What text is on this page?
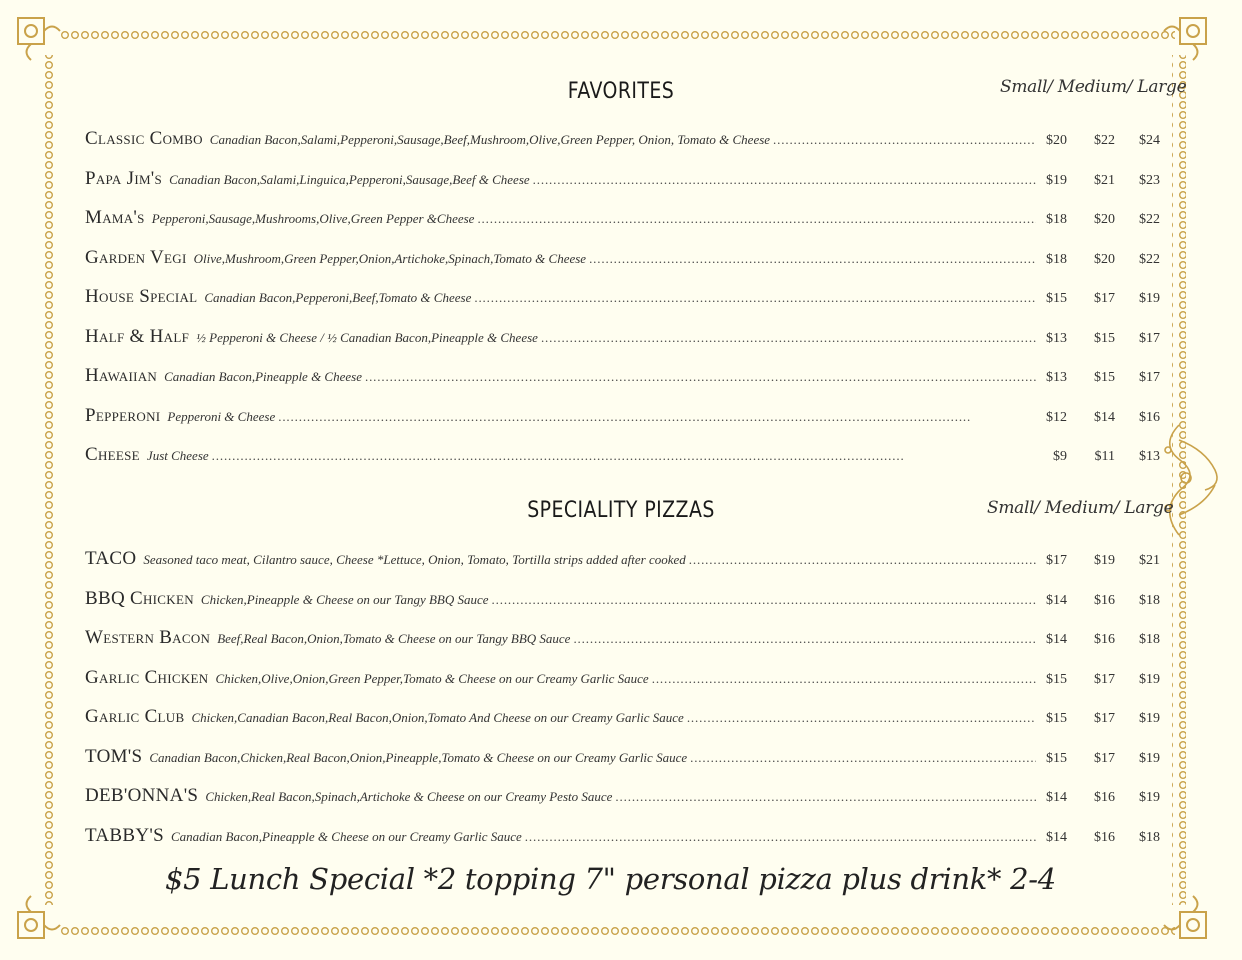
FAVORITES	Small/ Medium/ Large
Classic Combo Canadian Bacon,Salami,Pepperoni,Sausage,Beef,Mushroom,Olive,Green Pepper, Onion, Tomato & Cheese . . .	$20	$22	$24
Papa Jim's Canadian Bacon,Salami,Linguica,Pepperoni,Sausage,Beef & Cheese . . .	$19	$21	$23
Mama's Pepperoni,Sausage,Mushrooms,Olive,Green Pepper &Cheese . . .	$18	$20	$22
Garden Vegi Olive,Mushroom,Green Pepper,Onion,Artichoke,Spinach,Tomato & Cheese . . .	$18	$20	$22
House Special Canadian Bacon,Pepperoni,Beef,Tomato & Cheese . . .	$15	$17	$19
Half & Half ½ Pepperoni & Cheese / ½ Canadian Bacon,Pineapple & Cheese . . .	$13	$15	$17
Hawaiian Canadian Bacon,Pineapple & Cheese . . .	$13	$15	$17
Pepperoni Pepperoni & Cheese . . .	$12	$14	$16
Cheese Just Cheese . . .	$9	$11	$13
SPECIALITY PIZZAS	Small/ Medium/ Large
TACO Seasoned taco meat, Cilantro sauce, Cheese *Lettuce, Onion, Tomato, Tortilla strips added after cooked . . .	$17	$19	$21
BBQ Chicken Chicken,Pineapple & Cheese on our Tangy BBQ Sauce . . .	$14	$16	$18
Western Bacon Beef,Real Bacon,Onion,Tomato & Cheese on our Tangy BBQ Sauce . . .	$14	$16	$18
Garlic Chicken Chicken,Olive,Onion,Green Pepper,Tomato & Cheese on our Creamy Garlic Sauce . . .	$15	$17	$19
Garlic Club Chicken,Canadian Bacon,Real Bacon,Onion,Tomato And Cheese on our Creamy Garlic Sauce . . .	$15	$17	$19
TOM'S Canadian Bacon,Chicken,Real Bacon,Onion,Pineapple,Tomato & Cheese on our Creamy Garlic Sauce . . .	$15	$17	$19
DEB'ONNA'S Chicken,Real Bacon,Spinach,Artichoke & Cheese on our Creamy Pesto Sauce . . .	$14	$16	$19
TABBY'S Canadian Bacon,Pineapple & Cheese on our Creamy Garlic Sauce . . .	$14	$16	$18
$5 Lunch Special *2 topping 7" personal pizza plus drink* 2-4
